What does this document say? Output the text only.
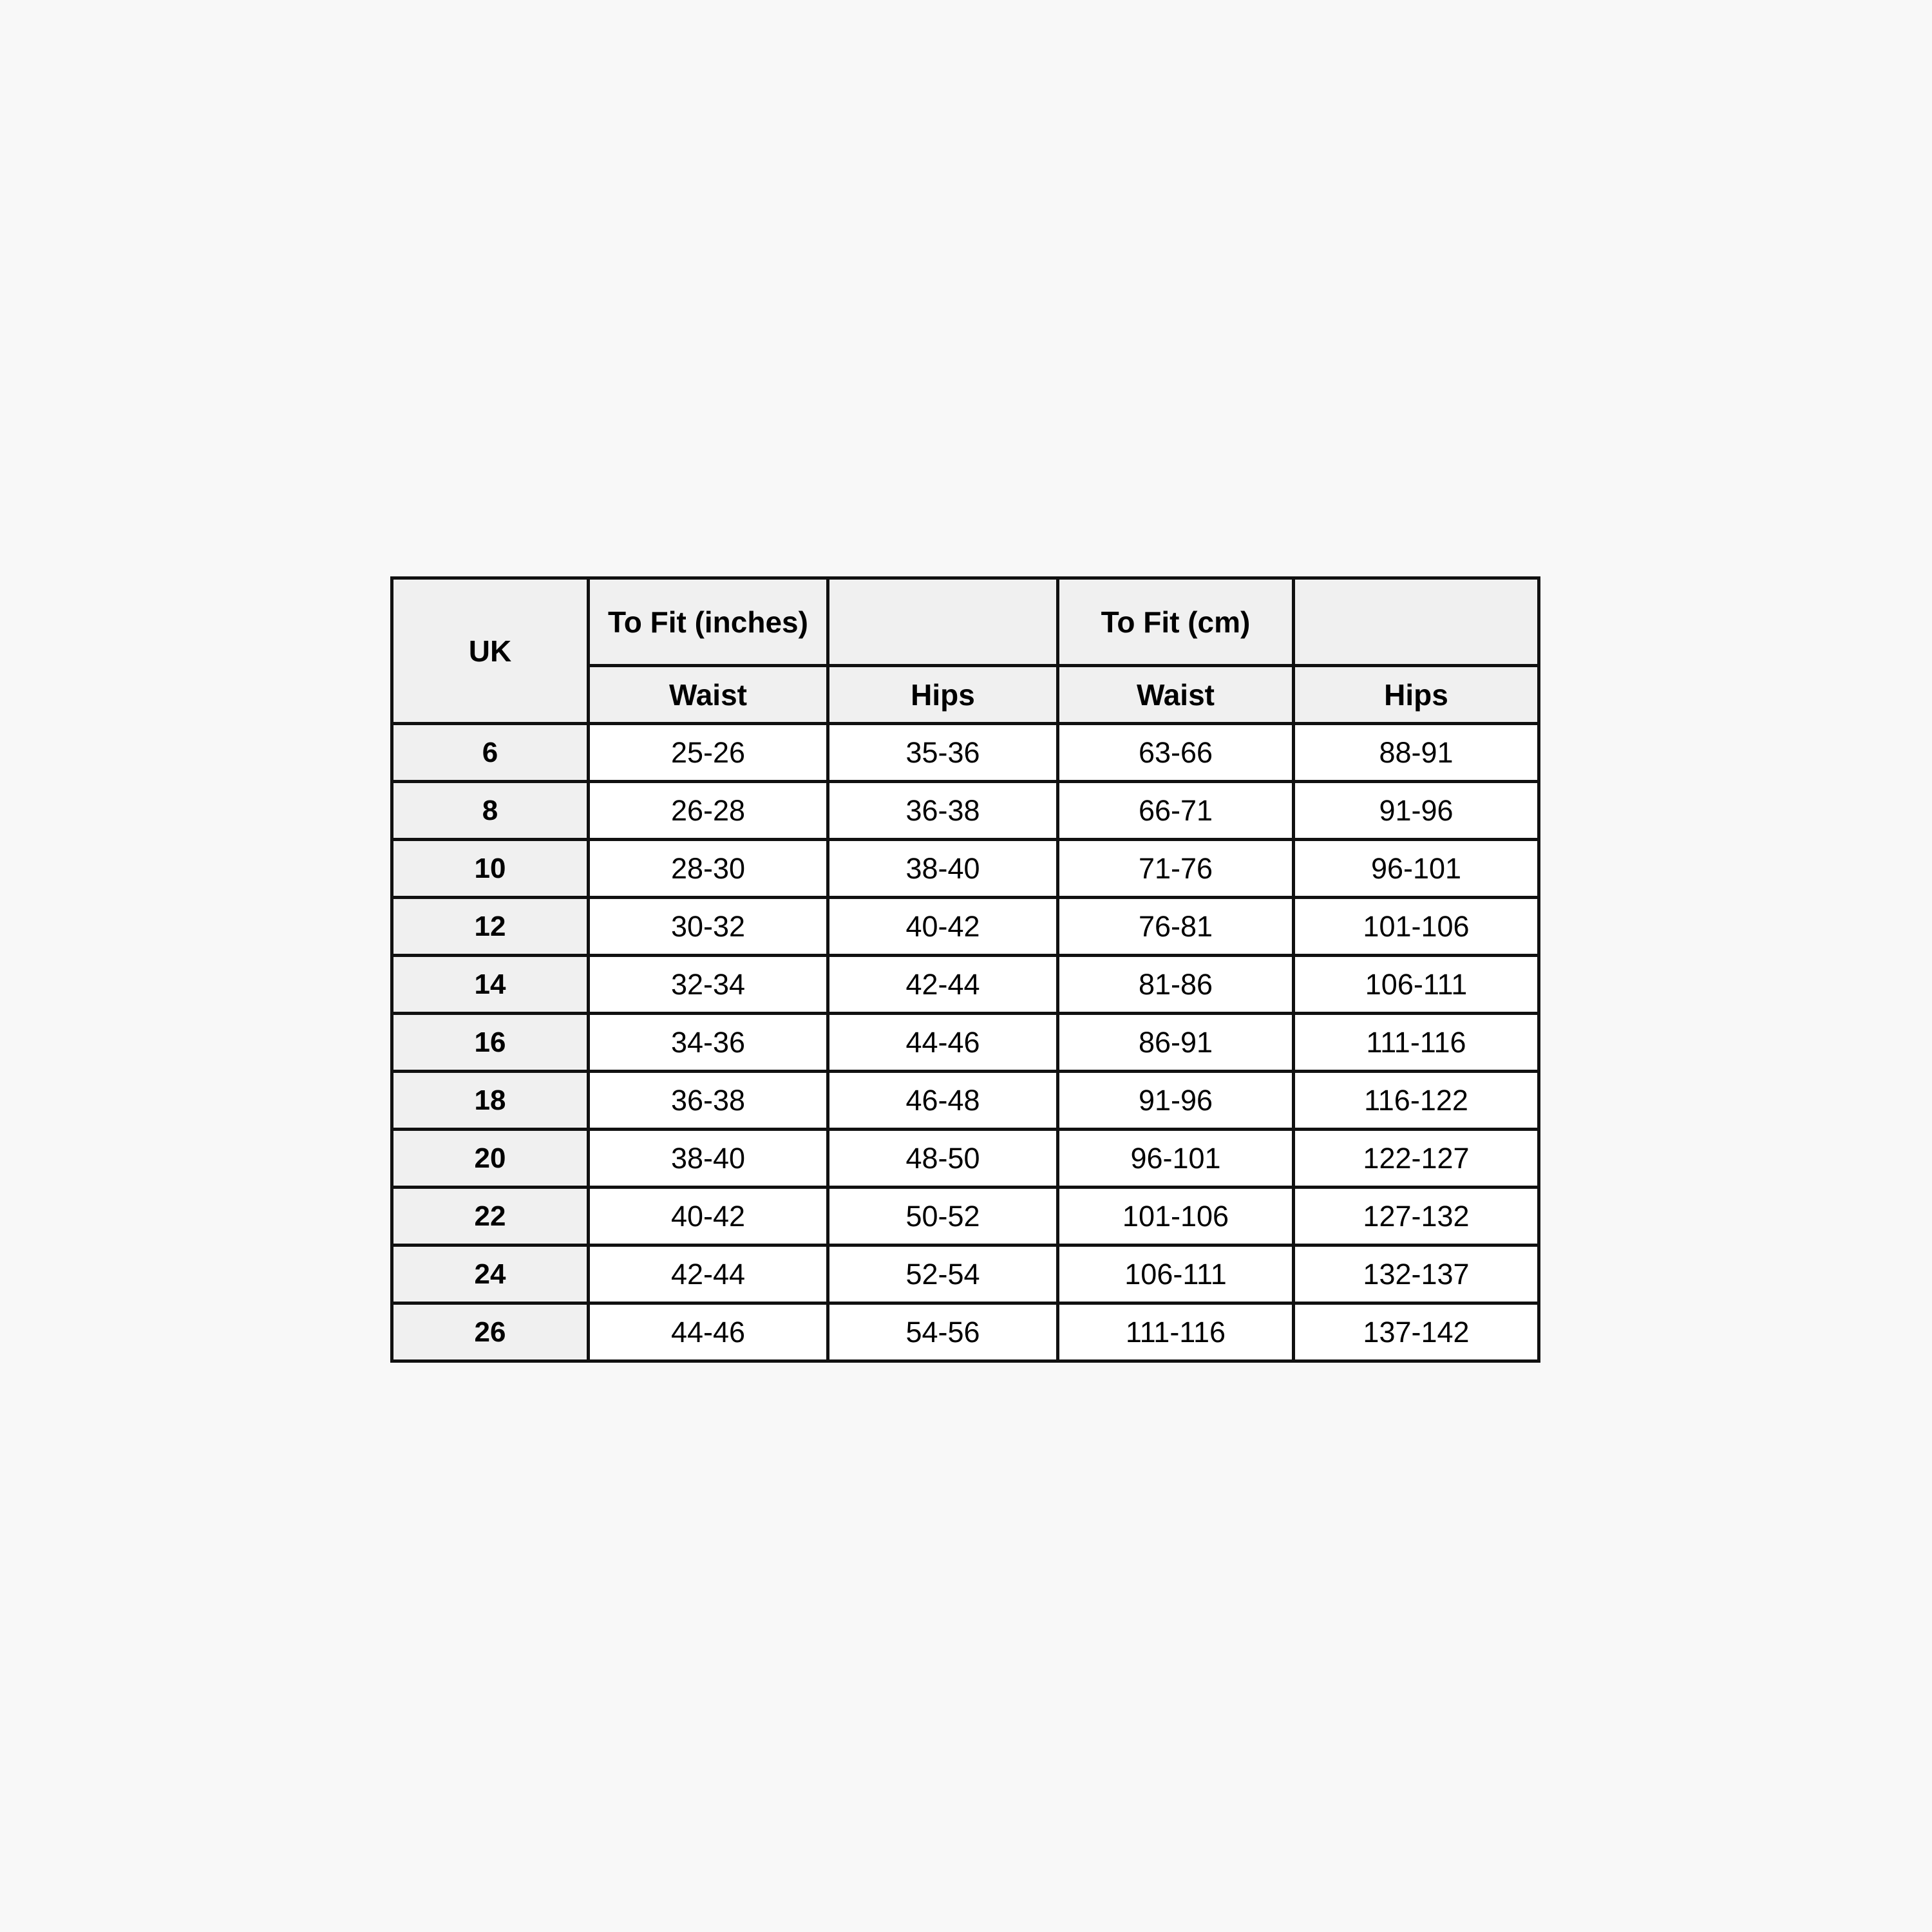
UK	To Fit (inches)		To Fit (cm)	
	Waist	Hips	Waist	Hips
6	25-26	35-36	63-66	88-91
8	26-28	36-38	66-71	91-96
10	28-30	38-40	71-76	96-101
12	30-32	40-42	76-81	101-106
14	32-34	42-44	81-86	106-111
16	34-36	44-46	86-91	111-116
18	36-38	46-48	91-96	116-122
20	38-40	48-50	96-101	122-127
22	40-42	50-52	101-106	127-132
24	42-44	52-54	106-111	132-137
26	44-46	54-56	111-116	137-142
